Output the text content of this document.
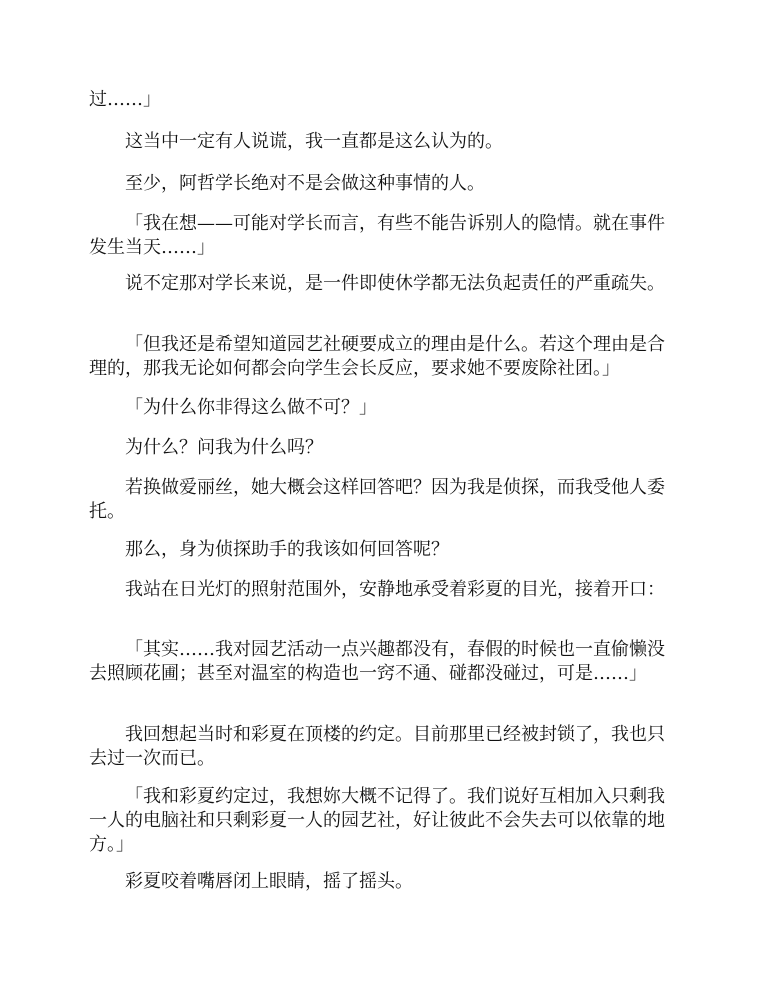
过……」

这当中一定有人说谎，我一直都是这么认为的。

至少，阿哲学长绝对不是会做这种事情的人。

「我在想——可能对学长而言，有些不能告诉别人的隐情。就在事件发生当天……」

说不定那对学长来说，是一件即使休学都无法负起责任的严重疏失。

「但我还是希望知道园艺社硬要成立的理由是什么。若这个理由是合理的，那我无论如何都会向学生会长反应，要求她不要废除社团。」

「为什么你非得这么做不可？」

为什么？问我为什么吗？

若换做爱丽丝，她大概会这样回答吧？因为我是侦探，而我受他人委托。

那么，身为侦探助手的我该如何回答呢？

我站在日光灯的照射范围外，安静地承受着彩夏的目光，接着开口：

「其实……我对园艺活动一点兴趣都没有，春假的时候也一直偷懒没去照顾花圃；甚至对温室的构造也一窍不通、碰都没碰过，可是……」

我回想起当时和彩夏在顶楼的约定。目前那里已经被封锁了，我也只去过一次而已。

「我和彩夏约定过，我想妳大概不记得了。我们说好互相加入只剩我一人的电脑社和只剩彩夏一人的园艺社，好让彼此不会失去可以依靠的地方。」

彩夏咬着嘴唇闭上眼睛，摇了摇头。
